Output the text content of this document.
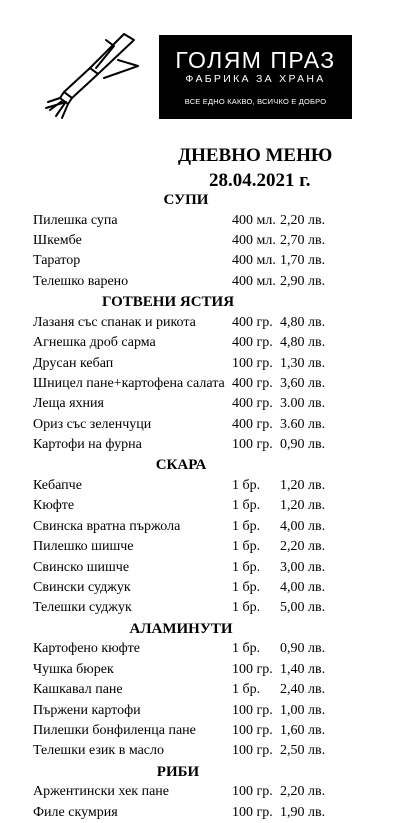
ГОЛЯМ ПРАЗ
ФАБРИКА ЗА ХРАНА
ВСЕ ЕДНО КАКВО, ВСИЧКО Е ДОБРО
ДНЕВНО МЕНЮ
28.04.2021 г.
СУПИ
Пилешка супа	400 мл. 2,20 лв.
Шкембе	400 мл. 2,70 лв.
Таратор	400 мл. 1,70 лв.
Телешко варено	400 мл. 2,90 лв.
ГОТВЕНИ ЯСТИЯ
Лазаня със спанак и рикота	400 гр. 4,80 лв.
Агнешка дроб сарма	400 гр. 4,80 лв.
Друсан кебап	100 гр. 1,30 лв.
Шницел пане+картофена салата 400 гр. 3,60 лв.
Леща яхния	400 гр. 3.00 лв.
Ориз със зеленчуци	400 гр. 3.60 лв.
Картофи на фурна	100 гр. 0,90 лв.
СКАРА
Кебапче	1 бр. 1,20 лв.
Кюфте	1 бр. 1,20 лв.
Свинска вратна пържола	1 бр. 4,00 лв.
Пилешко шишче	1 бр. 2,20 лв.
Свинско шишче	1 бр. 3,00 лв.
Свински суджук	1 бр. 4,00 лв.
Телешки суджук	1 бр. 5,00 лв.
АЛАМИНУТИ
Картофено кюфте	1 бр. 0,90 лв.
Чушка бюрек	100 гр. 1,40 лв.
Кашкавал пане	1 бр. 2,40 лв.
Пържени картофи	100 гр. 1,00 лв.
Пилешки бонфиленца пане	100 гр. 1,60 лв.
Телешки език в масло	100 гр. 2,50 лв.
РИБИ
Аржентински хек пане	100 гр. 2,20 лв.
Филе скумрия	100 гр. 1,90 лв.
